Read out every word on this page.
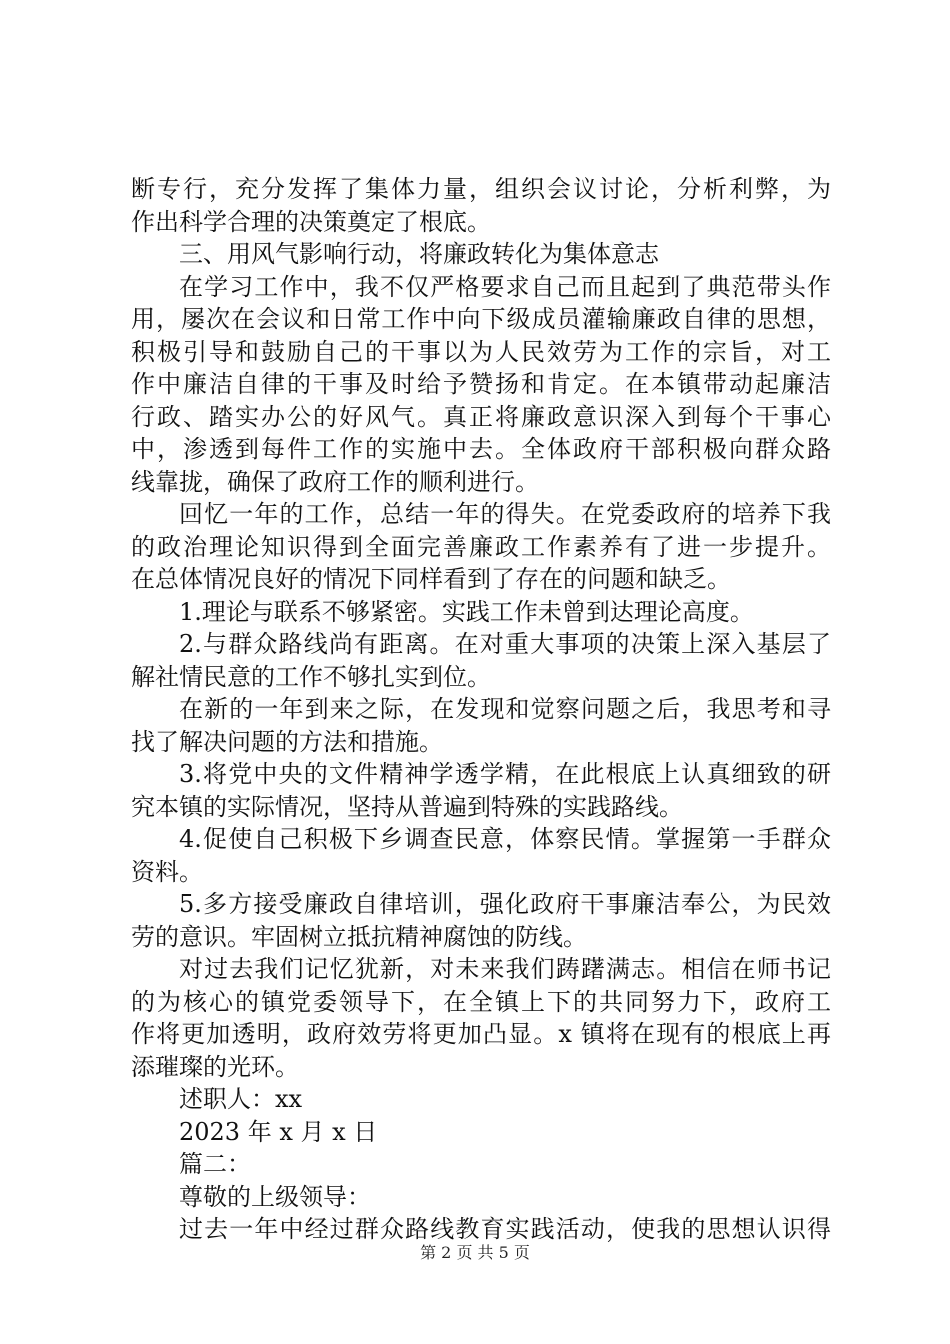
断专行，充分发挥了集体力量，组织会议讨论，分析利弊，为
作出科学合理的决策奠定了根底。
三、用风气影响行动，将廉政转化为集体意志
在学习工作中，我不仅严格要求自己而且起到了典范带头作
用，屡次在会议和日常工作中向下级成员灌输廉政自律的思想，
积极引导和鼓励自己的干事以为人民效劳为工作的宗旨，对工
作中廉洁自律的干事及时给予赞扬和肯定。在本镇带动起廉洁
行政、踏实办公的好风气。真正将廉政意识深入到每个干事心
中，渗透到每件工作的实施中去。全体政府干部积极向群众路
线靠拢，确保了政府工作的顺利进行。
回忆一年的工作，总结一年的得失。在党委政府的培养下我
的政治理论知识得到全面完善廉政工作素养有了进一步提升。
在总体情况良好的情况下同样看到了存在的问题和缺乏。
1.理论与联系不够紧密。实践工作未曾到达理论高度。
2.与群众路线尚有距离。在对重大事项的决策上深入基层了
解社情民意的工作不够扎实到位。
在新的一年到来之际，在发现和觉察问题之后，我思考和寻
找了解决问题的方法和措施。
3.将党中央的文件精神学透学精，在此根底上认真细致的研
究本镇的实际情况，坚持从普遍到特殊的实践路线。
4.促使自己积极下乡调查民意，体察民情。掌握第一手群众
资料。
5.多方接受廉政自律培训，强化政府干事廉洁奉公，为民效
劳的意识。牢固树立抵抗精神腐蚀的防线。
对过去我们记忆犹新，对未来我们踌躇满志。相信在师书记
的为核心的镇党委领导下，在全镇上下的共同努力下，政府工
作将更加透明，政府效劳将更加凸显。x 镇将在现有的根底上再
添璀璨的光环。
述职人：xx
2023 年 x 月 x 日
篇二：
尊敬的上级领导：
过去一年中经过群众路线教育实践活动，使我的思想认识得
第 2 页 共 5 页
